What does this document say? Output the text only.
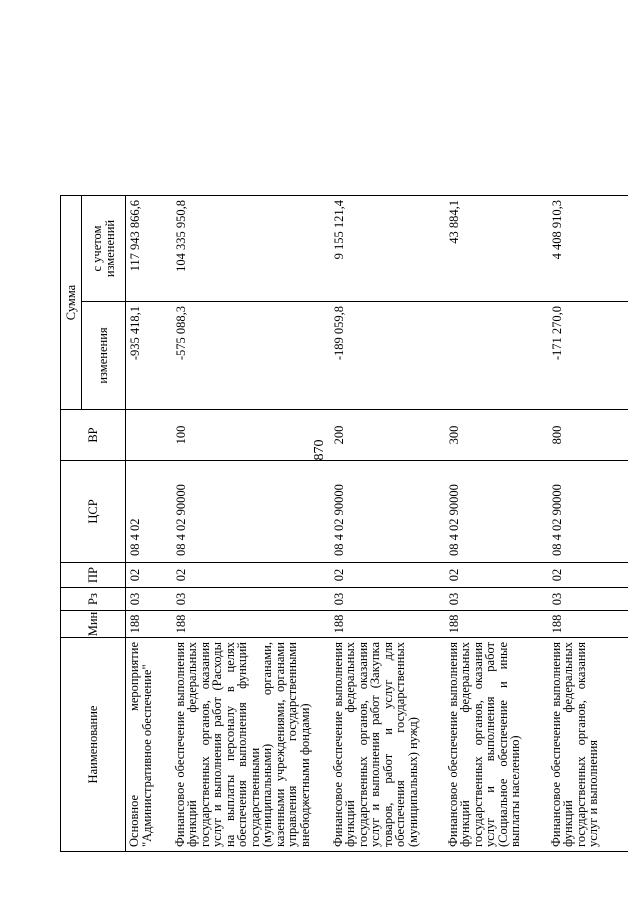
870
Наименование	Мин	Рз	ПР	ЦСР	ВР	Сумма	
						изменения	с учетом изменений
Основное мероприятие "Административное обеспечение"	188	03	02	08 4 02		-935 418,1	117 943 866,6
Финансовое обеспечение выполнения функций федеральных государственных органов, оказания услуг и выполнения работ (Расходы на выплаты персоналу в целях обеспечения выполнения функций государственными (муниципальными) органами, казенными учреждениями, органами управления государственными внебюджетными фондами)	188	03	02	08 4 02 90000	100	-575 088,3	104 335 950,8
Финансовое обеспечение выполнения функций федеральных государственных органов, оказания услуг и выполнения работ (Закупка товаров, работ и услуг для обеспечения государственных (муниципальных) нужд)	188	03	02	08 4 02 90000	200	-189 059,8	9 155 121,4
Финансовое обеспечение выполнения функций федеральных государственных органов, оказания услуг и выполнения работ (Социальное обеспечение и иные выплаты населению)	188	03	02	08 4 02 90000	300		43 884,1
Финансовое обеспечение выполнения функций федеральных государственных органов, оказания услуг и выполнения	188	03	02	08 4 02 90000	800	-171 270,0	4 408 910,3
